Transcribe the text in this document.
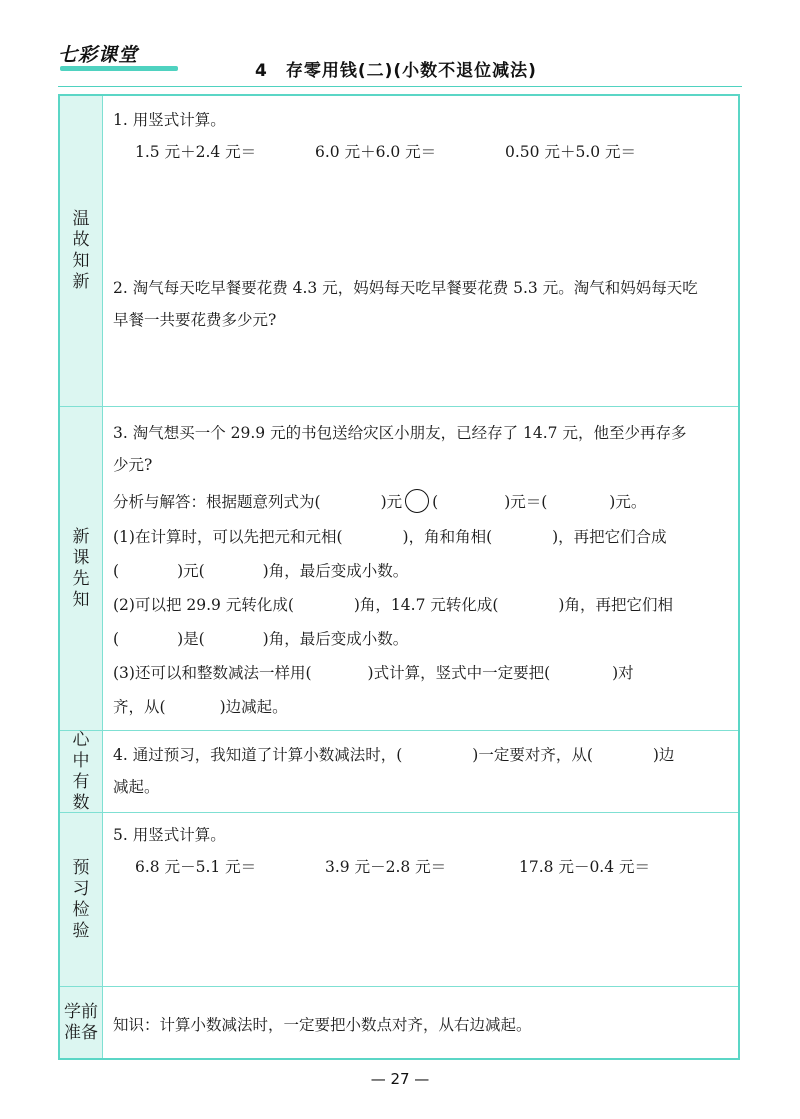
七彩课堂
4 存零用钱(二)(小数不退位减法)
温故知新
1. 用竖式计算。
1.5 元＋2.4 元＝	6.0 元＋6.0 元＝	0.50 元＋5.0 元＝
2. 淘气每天吃早餐要花费 4.3 元，妈妈每天吃早餐要花费 5.3 元。淘气和妈妈每天吃
早餐一共要花费多少元?
新课先知
3. 淘气想买一个 29.9 元的书包送给灾区小朋友，已经存了 14.7 元，他至少再存多
少元?
分析与解答：根据题意列式为(	)元 (	)元＝(	)元。
(1)在计算时，可以先把元和元相(	)，角和角相(	)，再把它们合成
(	)元(	)角，最后变成小数。
(2)可以把 29.9 元转化成(	)角，14.7 元转化成(	)角，再把它们相
(	)是(	)角，最后变成小数。
(3)还可以和整数减法一样用(	)式计算，竖式中一定要把(	)对
齐，从(	)边减起。
心中有数
4. 通过预习，我知道了计算小数减法时，(	)一定要对齐，从(	)边
减起。
预习检验
5. 用竖式计算。
6.8 元－5.1 元＝	3.9 元－2.8 元＝	17.8 元－0.4 元＝
学前准备 知识：计算小数减法时，一定要把小数点对齐，从右边减起。
— 27 —
